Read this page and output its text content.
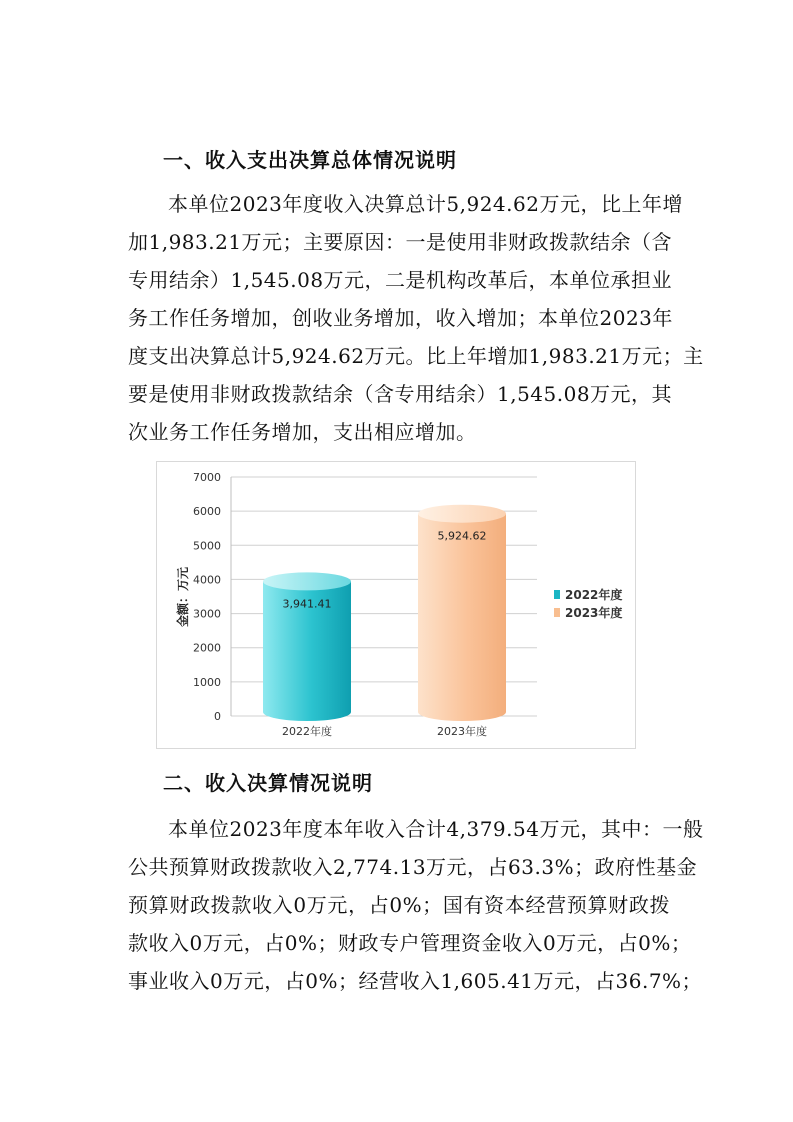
一、收入支出决算总体情况说明
本单位2023年度收入决算总计5,924.62万元，比上年增
加1,983.21万元；主要原因：一是使用非财政拨款结余（含
专用结余）1,545.08万元，二是机构改革后，本单位承担业
务工作任务增加，创收业务增加，收入增加；本单位2023年
度支出决算总计5,924.62万元。比上年增加1,983.21万元；主
要是使用非财政拨款结余（含专用结余）1,545.08万元，其
次业务工作任务增加，支出相应增加。
0
1000
2000
3000
4000
5000
6000
7000
3,941.41
5,924.62
2022年度	2023年度
2022年度
2023年度
金额：万元
二、收入决算情况说明
本单位2023年度本年收入合计4,379.54万元，其中：一般
公共预算财政拨款收入2,774.13万元，占63.3%；政府性基金
预算财政拨款收入0万元，占0%；国有资本经营预算财政拨
款收入0万元，占0%；财政专户管理资金收入0万元，占0%；
事业收入0万元，占0%；经营收入1,605.41万元，占36.7%；
